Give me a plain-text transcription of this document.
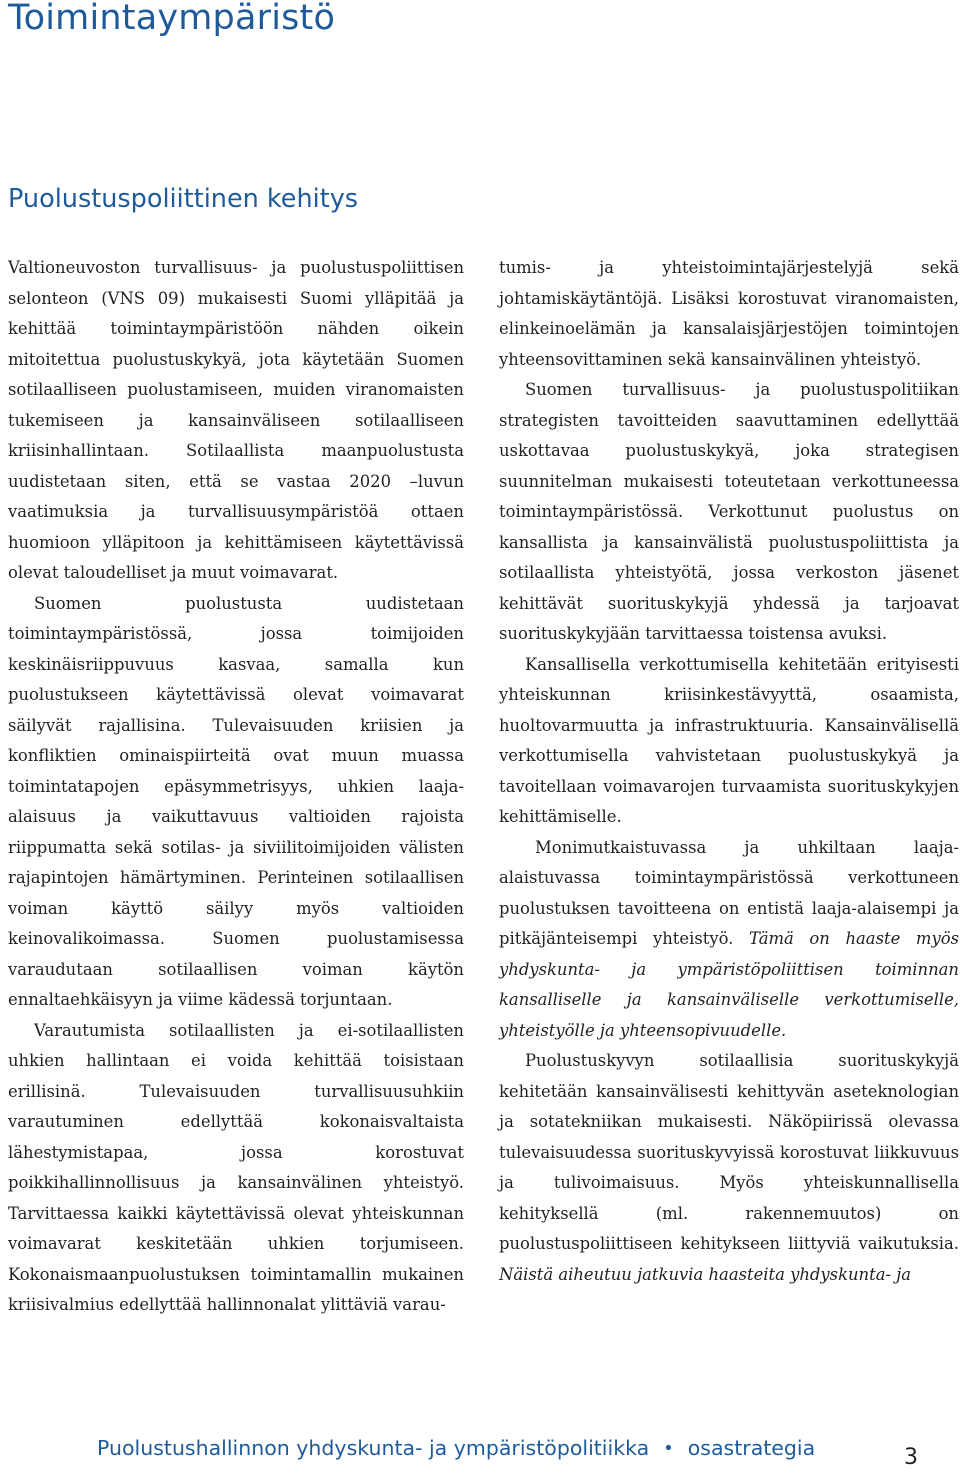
Toimintaympäristö
Puolustuspoliittinen kehitys

Valtioneuvoston turvallisuus- ja puolustuspoliittisen selonteon (VNS 09) mukaisesti Suomi ylläpitää ja kehittää toimintaympäristöön nähden oikein mitoitettua puolustuskykyä, jota käytetään Suomen sotilaalliseen puolustamiseen, muiden viranomaisten tukemiseen ja kansainväliseen sotilaalliseen kriisinhallintaan. Sotilaallista maanpuolustusta uudistetaan siten, että se vastaa 2020 –luvun vaatimuksia ja turvallisuusympäristöä ottaen huomioon ylläpitoon ja kehittämiseen käytettävissä olevat taloudelliset ja muut voimavarat.

Suomen puolustusta uudistetaan toimintaympäristössä, jossa toimijoiden keskinäisriippuvuus kasvaa, samalla kun puolustukseen käytettävissä olevat voimavarat säilyvät rajallisina. Tulevaisuuden kriisien ja konfliktien ominaispiirteitä ovat muun muassa toimintatapojen epäsymmetrisyys, uhkien laaja-alaisuus ja vaikuttavuus valtioiden rajoista riippumatta sekä sotilas- ja siviilitoimijoiden välisten rajapintojen hämärtyminen. Perinteinen sotilaallisen voiman käyttö säilyy myös valtioiden keinovalikoimassa. Suomen puolustamisessa varaudutaan sotilaallisen voiman käytön ennaltaehkäisyyn ja viime kädessä torjuntaan.

Varautumista sotilaallisten ja ei-sotilaallisten uhkien hallintaan ei voida kehittää toisistaan erillisinä. Tulevaisuuden turvallisuusuhkiin varautuminen edellyttää kokonaisvaltaista lähestymistapaa, jossa korostuvat poikkihallinnollisuus ja kansainvälinen yhteistyö. Tarvittaessa kaikki käytettävissä olevat yhteiskunnan voimavarat keskitetään uhkien torjumiseen. Kokonaismaanpuolustuksen toimintamallin mukainen kriisivalmius edellyttää hallinnonalat ylittäviä varau-

tumis- ja yhteistoimintajärjestelyjä sekä johtamiskäytäntöjä. Lisäksi korostuvat viranomaisten, elinkeinoelämän ja kansalaisjärjestöjen toimintojen yhteensovittaminen sekä kansainvälinen yhteistyö.

Suomen turvallisuus- ja puolustuspolitiikan strategisten tavoitteiden saavuttaminen edellyttää uskottavaa puolustuskykyä, joka strategisen suunnitelman mukaisesti toteutetaan verkottuneessa toimintaympäristössä. Verkottunut puolustus on kansallista ja kansainvälistä puolustuspoliittista ja sotilaallista yhteistyötä, jossa verkoston jäsenet kehittävät suorituskykyjä yhdessä ja tarjoavat suorituskykyjään tarvittaessa toistensa avuksi.

Kansallisella verkottumisella kehitetään erityisesti yhteiskunnan kriisinkestävyyttä, osaamista, huoltovarmuutta ja infrastruktuuria. Kansainvälisellä verkottumisella vahvistetaan puolustuskykyä ja tavoitellaan voimavarojen turvaamista suorituskykyjen kehittämiselle.

Monimutkaistuvassa ja uhkiltaan laaja-alaistuvassa toimintaympäristössä verkottuneen puolustuksen tavoitteena on entistä laaja-alaisempi ja pitkäjänteisempi yhteistyö. Tämä on haaste myös yhdyskunta- ja ympäristöpoliittisen toiminnan kansalliselle ja kansainväliselle verkottumiselle, yhteistyölle ja yhteensopivuudelle.

Puolustuskyvyn sotilaallisia suorituskykyjä kehitetään kansainvälisesti kehittyvän aseteknologian ja sotatekniikan mukaisesti. Näköpiirissä olevassa tulevaisuudessa suorituskyvyissä korostuvat liikkuvuus ja tulivoimaisuus. Myös yhteiskunnallisella kehityksellä (ml. rakennemuutos) on puolustuspoliittiseen kehitykseen liittyviä vaikutuksia. Näistä aiheutuu jatkuvia haasteita yhdyskunta- ja

Puolustushallinnon yhdyskunta- ja ympäristöpolitiikka • osastrategia	3
